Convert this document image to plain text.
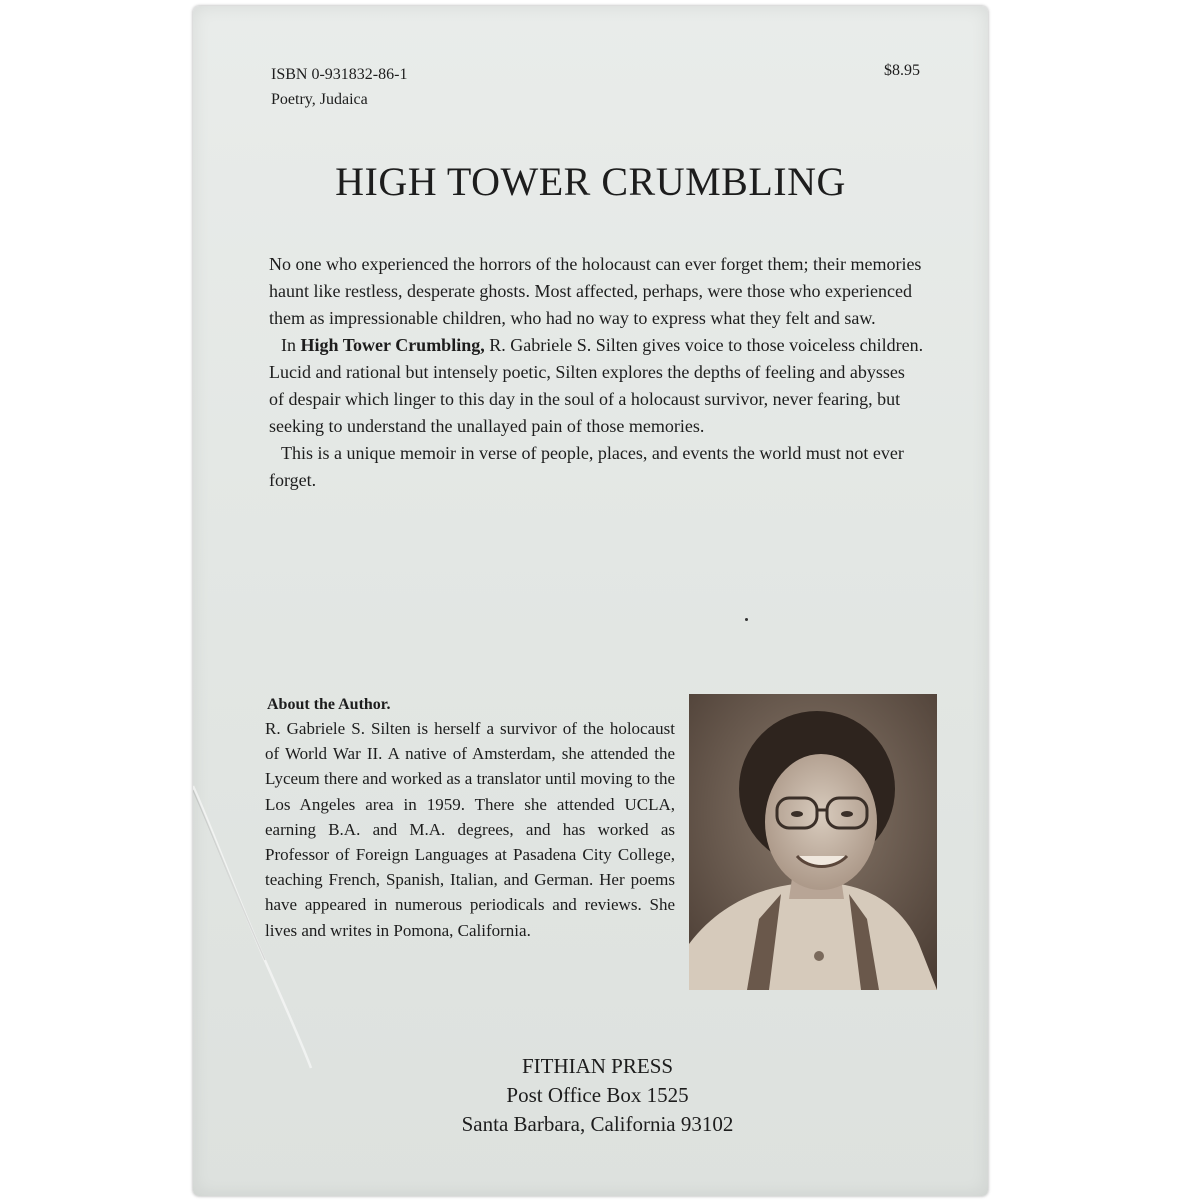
ISBN 0-931832-86-1
Poetry, Judaica
$8.95
HIGH TOWER CRUMBLING

No one who experienced the horrors of the holocaust can ever forget them; their memories haunt like restless, desperate ghosts. Most affected, perhaps, were those who experienced them as impressionable children, who had no way to express what they felt and saw.

In High Tower Crumbling, R. Gabriele S. Silten gives voice to those voiceless children. Lucid and rational but intensely poetic, Silten explores the depths of feeling and abysses of despair which linger to this day in the soul of a holocaust survivor, never fearing, but seeking to understand the unallayed pain of those memories.

This is a unique memoir in verse of people, places, and events the world must not ever forget.

About the Author.
R. Gabriele S. Silten is herself a survivor of the holocaust of World War II. A native of Amsterdam, she attended the Lyceum there and worked as a translator until moving to the Los Angeles area in 1959. There she attended UCLA, earning B.A. and M.A. degrees, and has worked as Professor of Foreign Languages at Pasadena City College, teaching French, Spanish, Italian, and German. Her poems have appeared in numerous periodicals and reviews. She lives and writes in Pomona, California.
FITHIAN PRESS
Post Office Box 1525
Santa Barbara, California 93102
